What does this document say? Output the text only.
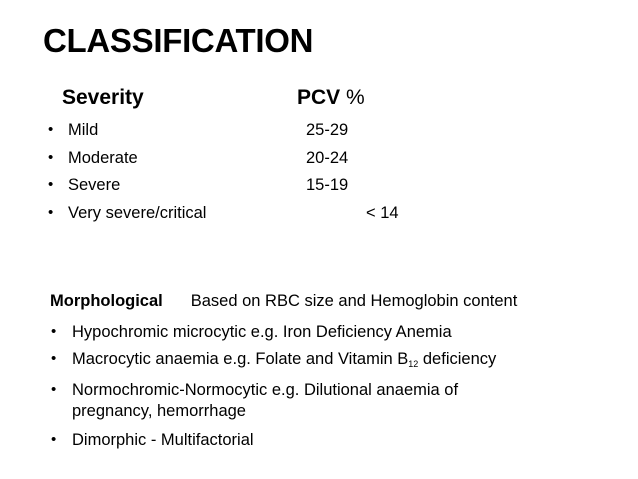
CLASSIFICATION
Severity	PCV %
• Mild	25-29
• Moderate	20-24
• Severe	15-19
• Very severe/critical	< 14
Morphological Based on RBC size and Hemoglobin content
• Hypochromic microcytic e.g. Iron Deficiency Anemia
• Macrocytic anaemia e.g. Folate and Vitamin $B_{12}$ deficiency
• Normochromic-Normocytic e.g. Dilutional anaemia of
pregnancy, hemorrhage
• Dimorphic - Multifactorial
